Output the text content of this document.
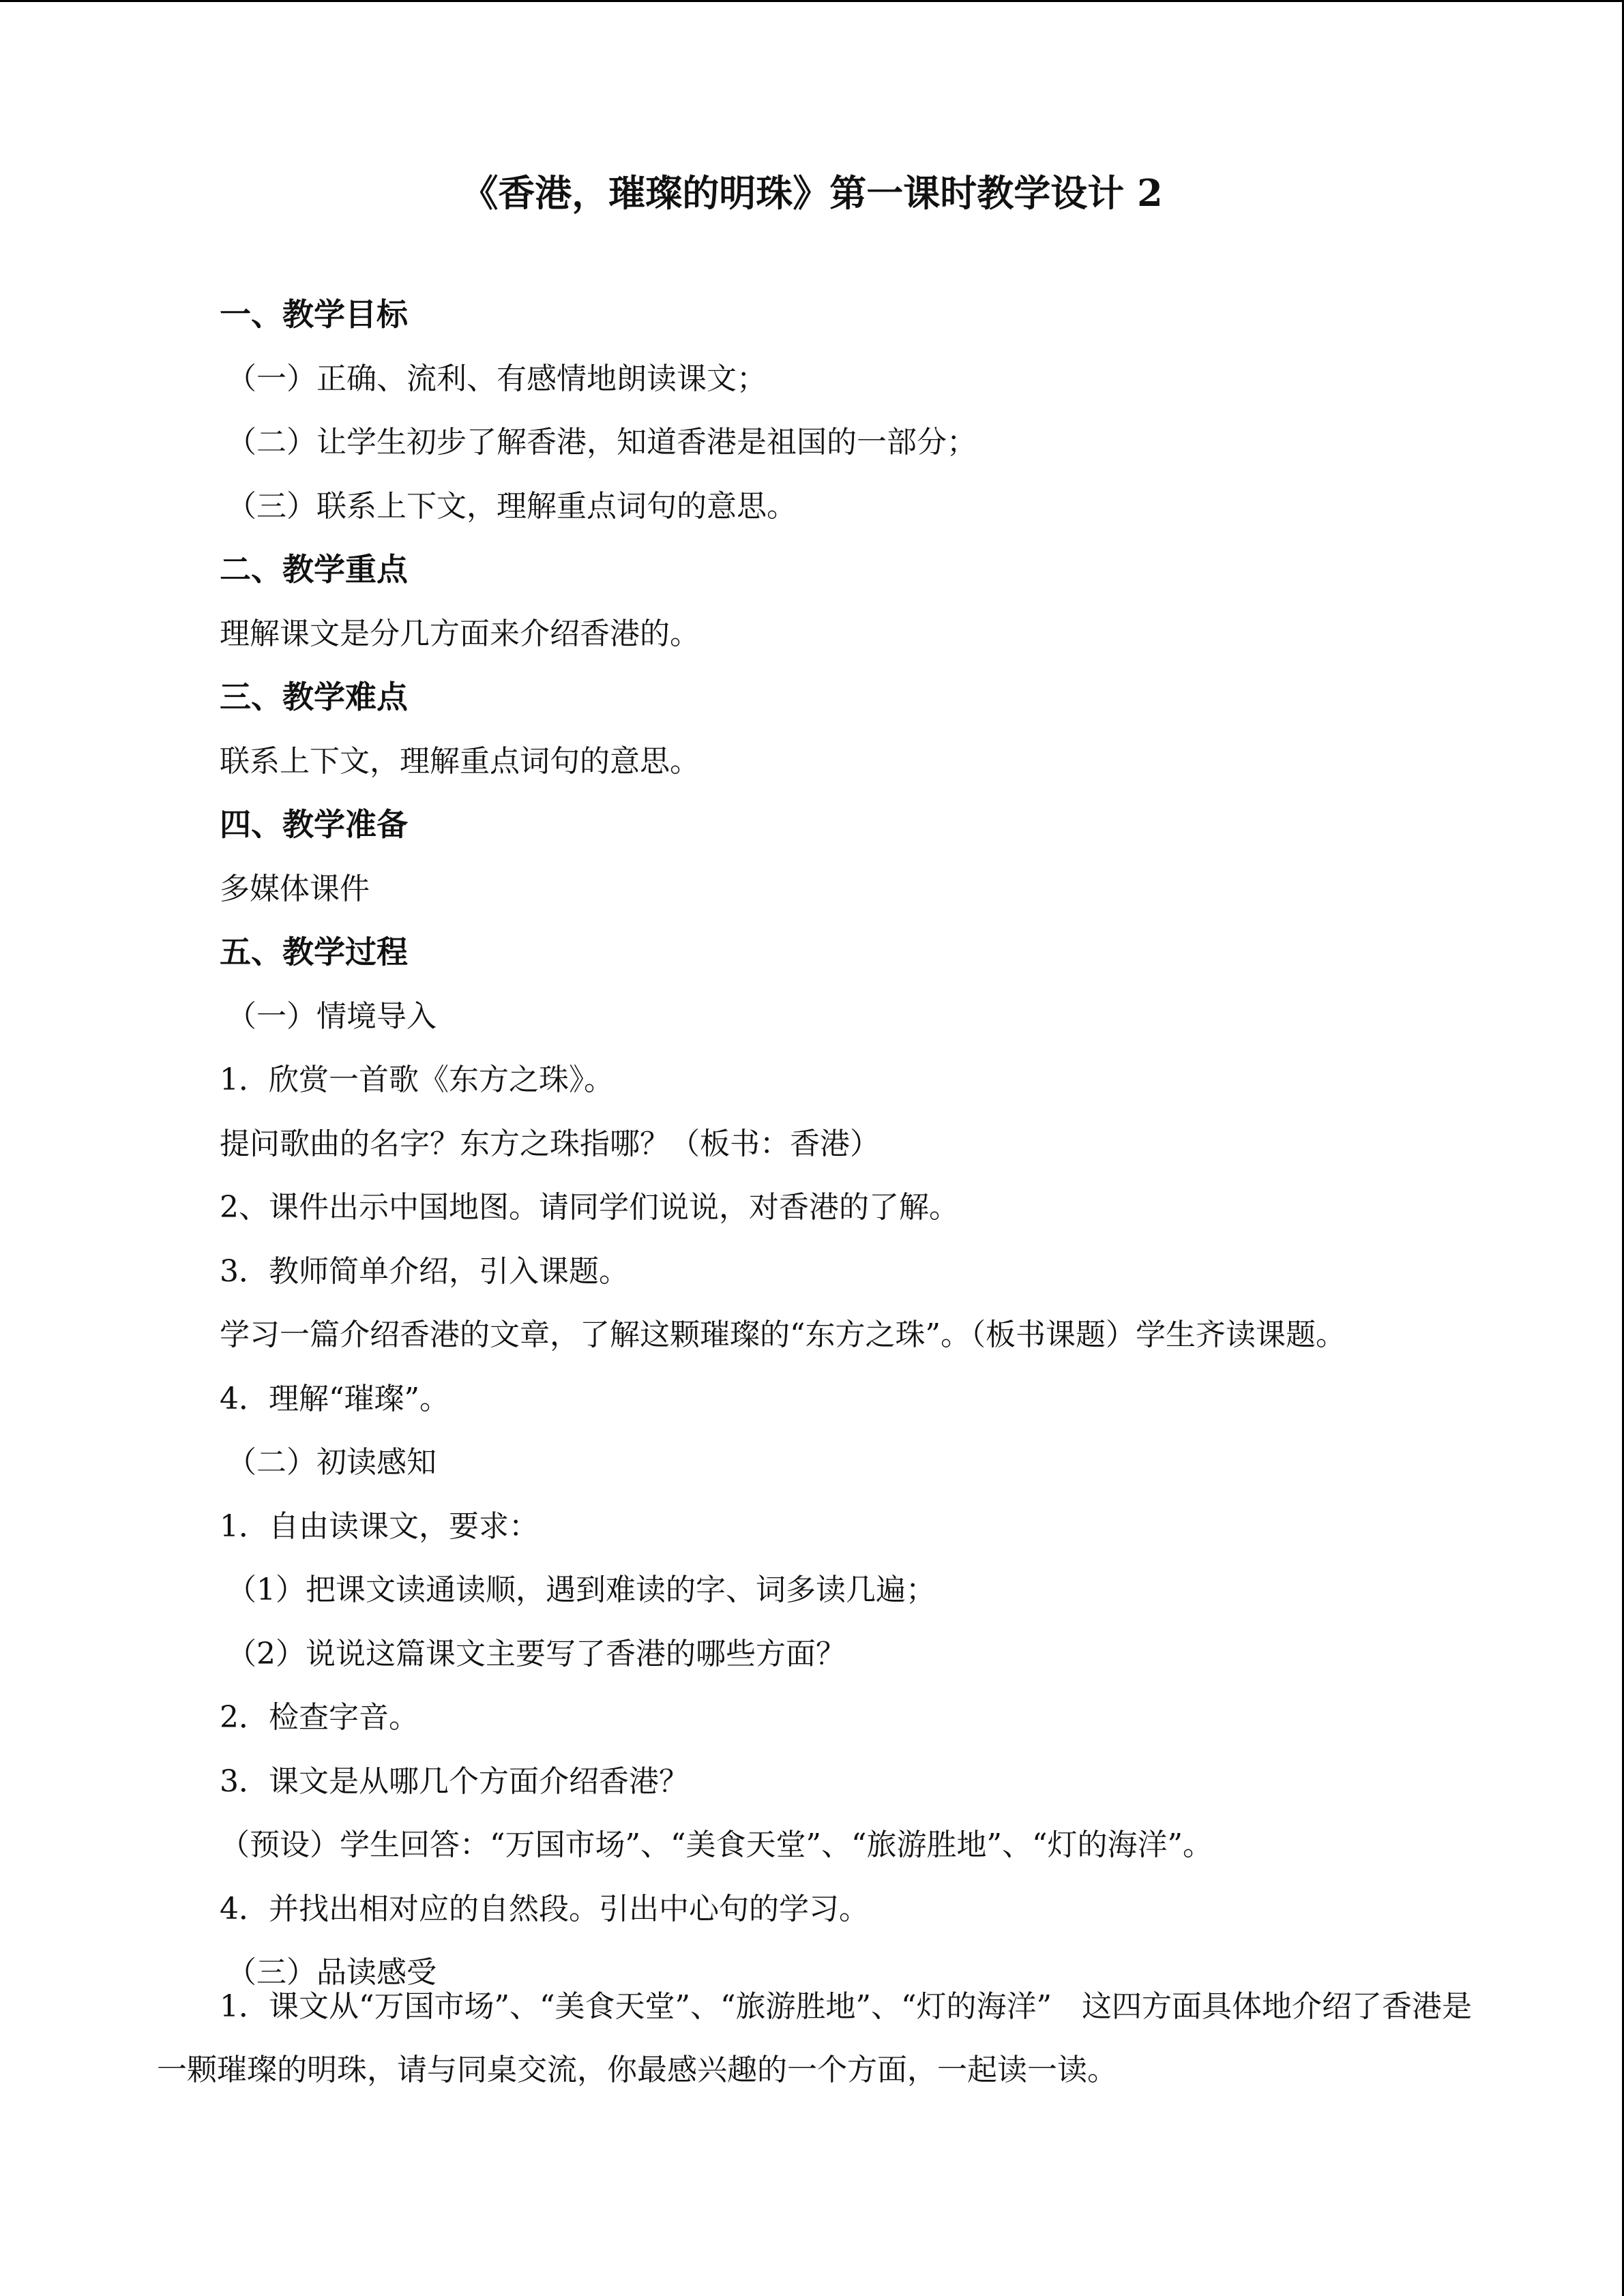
《香港，璀璨的明珠》第一课时教学设计 2
一、教学目标
（一）正确、流利、有感情地朗读课文；
（二）让学生初步了解香港，知道香港是祖国的一部分；
（三）联系上下文，理解重点词句的意思。
二、教学重点
理解课文是分几方面来介绍香港的。
三、教学难点
联系上下文，理解重点词句的意思。
四、教学准备
多媒体课件
五、教学过程
（一）情境导入
1．欣赏一首歌《东方之珠》。
提问歌曲的名字？东方之珠指哪？（板书：香港）
2、课件出示中国地图。请同学们说说，对香港的了解。
3．教师简单介绍，引入课题。
学习一篇介绍香港的文章，了解这颗璀璨的“东方之珠”。（板书课题）学生齐读课题。
4．理解“璀璨”。
（二）初读感知
1．自由读课文，要求：
（1）把课文读通读顺，遇到难读的字、词多读几遍；
（2）说说这篇课文主要写了香港的哪些方面？
2．检查字音。
3．课文是从哪几个方面介绍香港？
（预设）学生回答：“万国市场”、“美食天堂”、“旅游胜地”、“灯的海洋”。
4．并找出相对应的自然段。引出中心句的学习。
（三）品读感受
1．课文从“万国市场”、“美食天堂”、“旅游胜地”、“灯的海洋”　这四方面具体地介绍了香港是一颗璀璨的明珠，请与同桌交流，你最感兴趣的一个方面，一起读一读。
